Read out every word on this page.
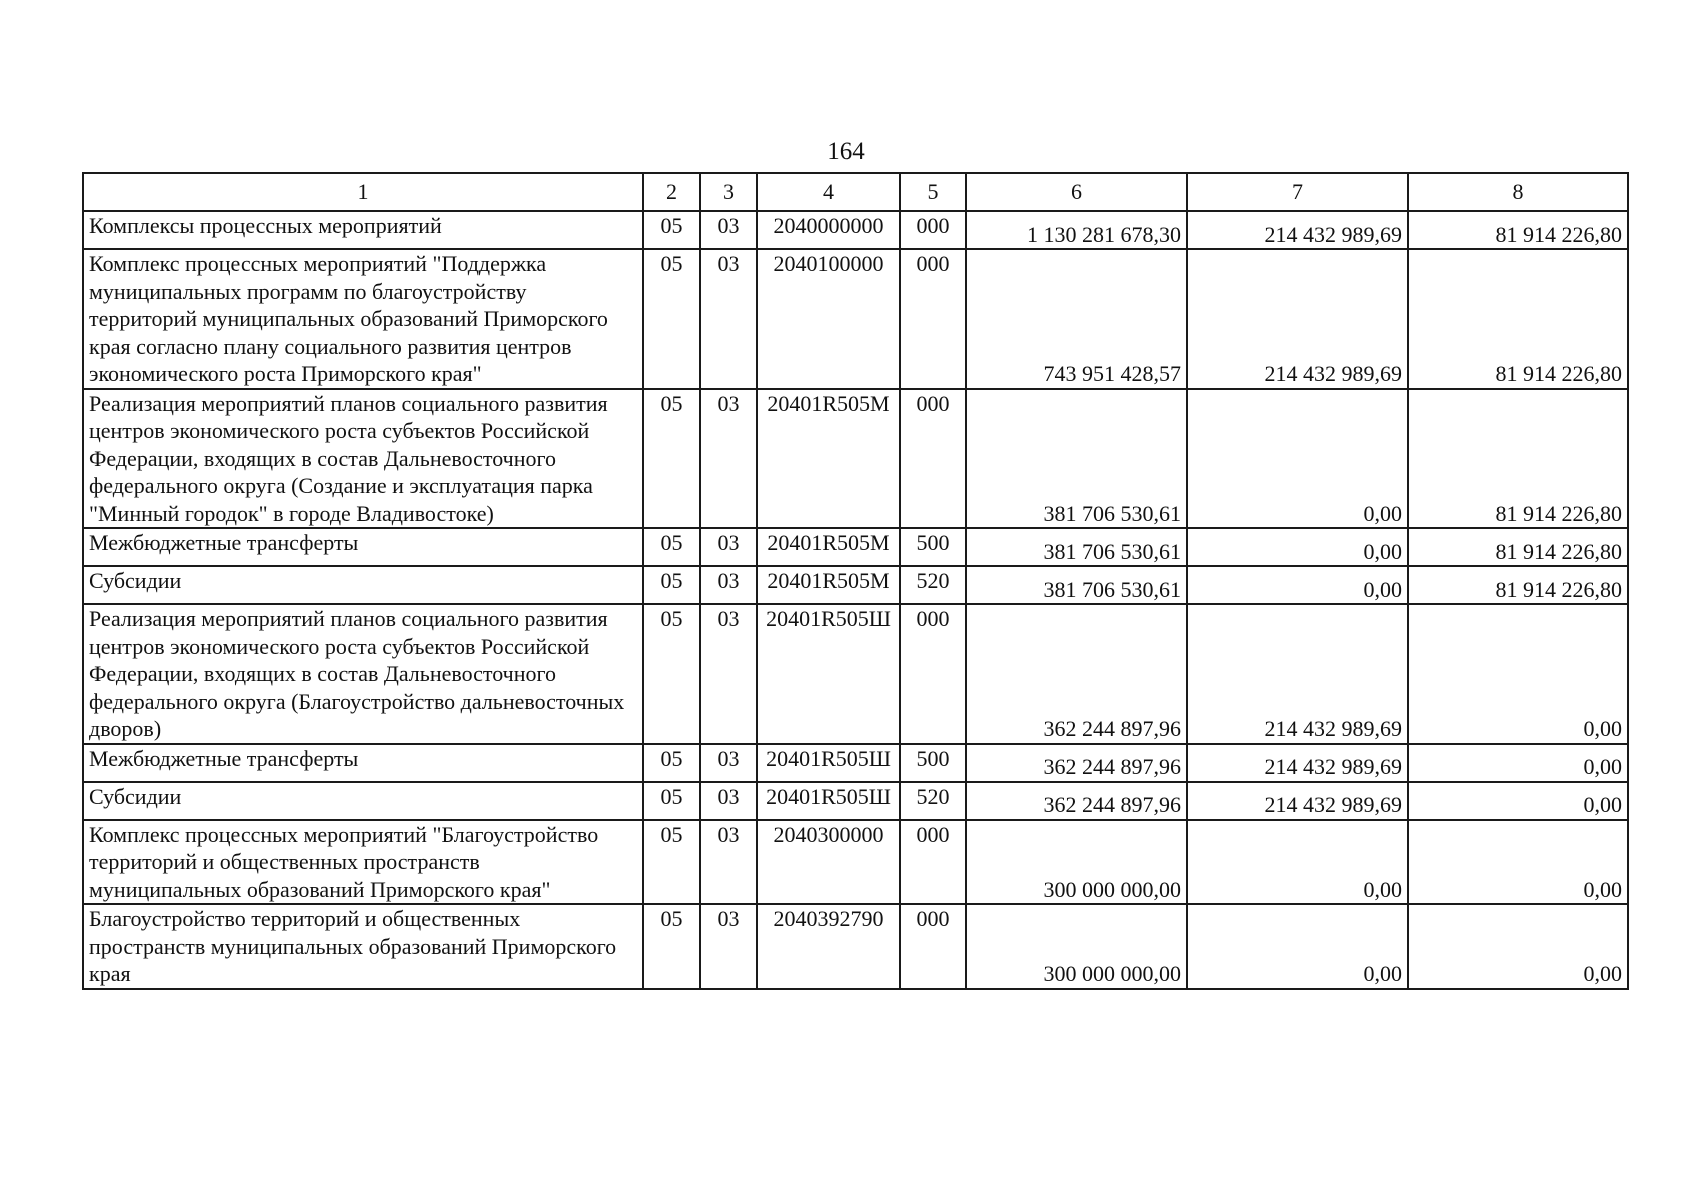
164
1	2	3	4	5	6	7	8
Комплексы процессных мероприятий	05	03	2040000000	000	1 130 281 678,30	214 432 989,69	81 914 226,80
Комплекс процессных мероприятий "Поддержка муниципальных программ по благоустройству территорий муниципальных образований Приморского края согласно плану социального развития центров экономического роста Приморского края"	05	03	2040100000	000	743 951 428,57	214 432 989,69	81 914 226,80
Реализация мероприятий планов социального развития центров экономического роста субъектов Российской Федерации, входящих в состав Дальневосточного федерального округа (Создание и эксплуатация парка "Минный городок" в городе Владивостоке)	05	03	20401R505M	000	381 706 530,61	0,00	81 914 226,80
Межбюджетные трансферты	05	03	20401R505M	500	381 706 530,61	0,00	81 914 226,80
Субсидии	05	03	20401R505M	520	381 706 530,61	0,00	81 914 226,80
Реализация мероприятий планов социального развития центров экономического роста субъектов Российской Федерации, входящих в состав Дальневосточного федерального округа (Благоустройство дальневосточных дворов)	05	03	20401R505Ш	000	362 244 897,96	214 432 989,69	0,00
Межбюджетные трансферты	05	03	20401R505Ш	500	362 244 897,96	214 432 989,69	0,00
Субсидии	05	03	20401R505Ш	520	362 244 897,96	214 432 989,69	0,00
Комплекс процессных мероприятий "Благоустройство территорий и общественных пространств муниципальных образований Приморского края"	05	03	2040300000	000	300 000 000,00	0,00	0,00
Благоустройство территорий и общественных пространств муниципальных образований Приморского края	05	03	2040392790	000	300 000 000,00	0,00	0,00
